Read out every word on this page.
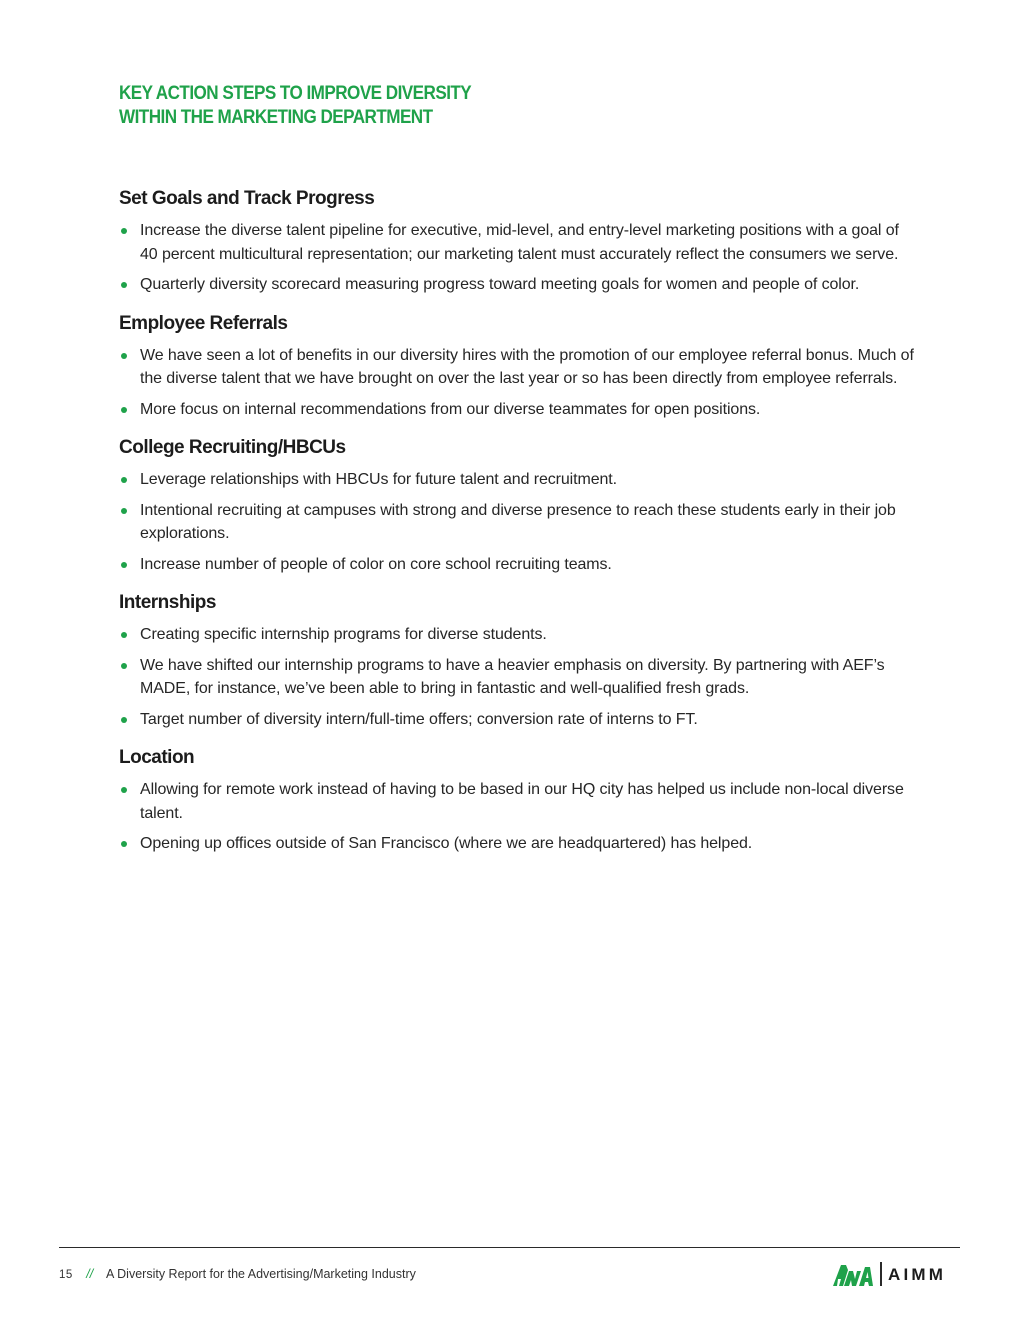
KEY ACTION STEPS TO IMPROVE DIVERSITY
WITHIN THE MARKETING DEPARTMENT
Set Goals and Track Progress
Increase the diverse talent pipeline for executive, mid-level, and entry-level marketing positions with a goal of 40 percent multicultural representation; our marketing talent must accurately reflect the consumers we serve.
Quarterly diversity scorecard measuring progress toward meeting goals for women and people of color.
Employee Referrals
We have seen a lot of benefits in our diversity hires with the promotion of our employee referral bonus. Much of the diverse talent that we have brought on over the last year or so has been directly from employee referrals.
More focus on internal recommendations from our diverse teammates for open positions.
College Recruiting/HBCUs
Leverage relationships with HBCUs for future talent and recruitment.
Intentional recruiting at campuses with strong and diverse presence to reach these students early in their job explorations.
Increase number of people of color on core school recruiting teams.
Internships
Creating specific internship programs for diverse students.
We have shifted our internship programs to have a heavier emphasis on diversity. By partnering with AEF’s MADE, for instance, we’ve been able to bring in fantastic and well-qualified fresh grads.
Target number of diversity intern/full-time offers; conversion rate of interns to FT.
Location
Allowing for remote work instead of having to be based in our HQ city has helped us include non-local diverse talent.
Opening up offices outside of San Francisco (where we are headquartered) has helped.
15 // A Diversity Report for the Advertising/Marketing Industry	AIMM
